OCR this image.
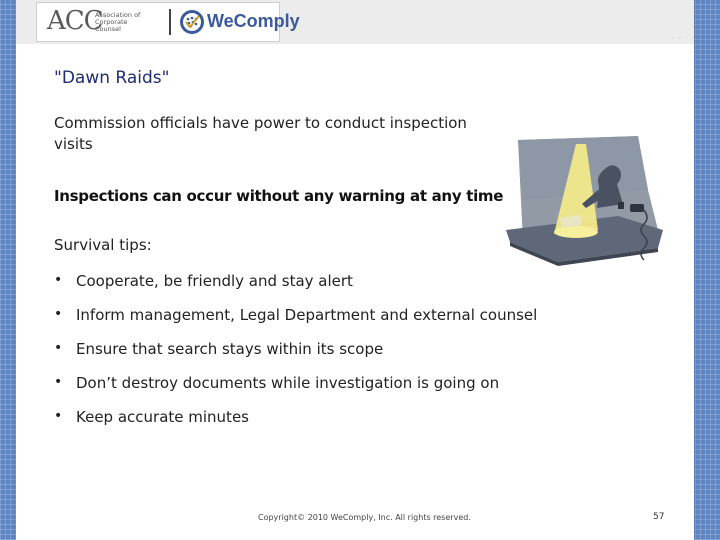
ACC
Association of Corporate Counsel	WeComply
· · ·
"Dawn Raids"
Commission officials have power to conduct inspection visits
Inspections can occur without any warning at any time
Survival tips:
• Cooperate, be friendly and stay alert
• Inform management, Legal Department and external counsel
• Ensure that search stays within its scope
• Don’t destroy documents while investigation is going on
• Keep accurate minutes
Copyright© 2010 WeComply, Inc. All rights reserved.	57
